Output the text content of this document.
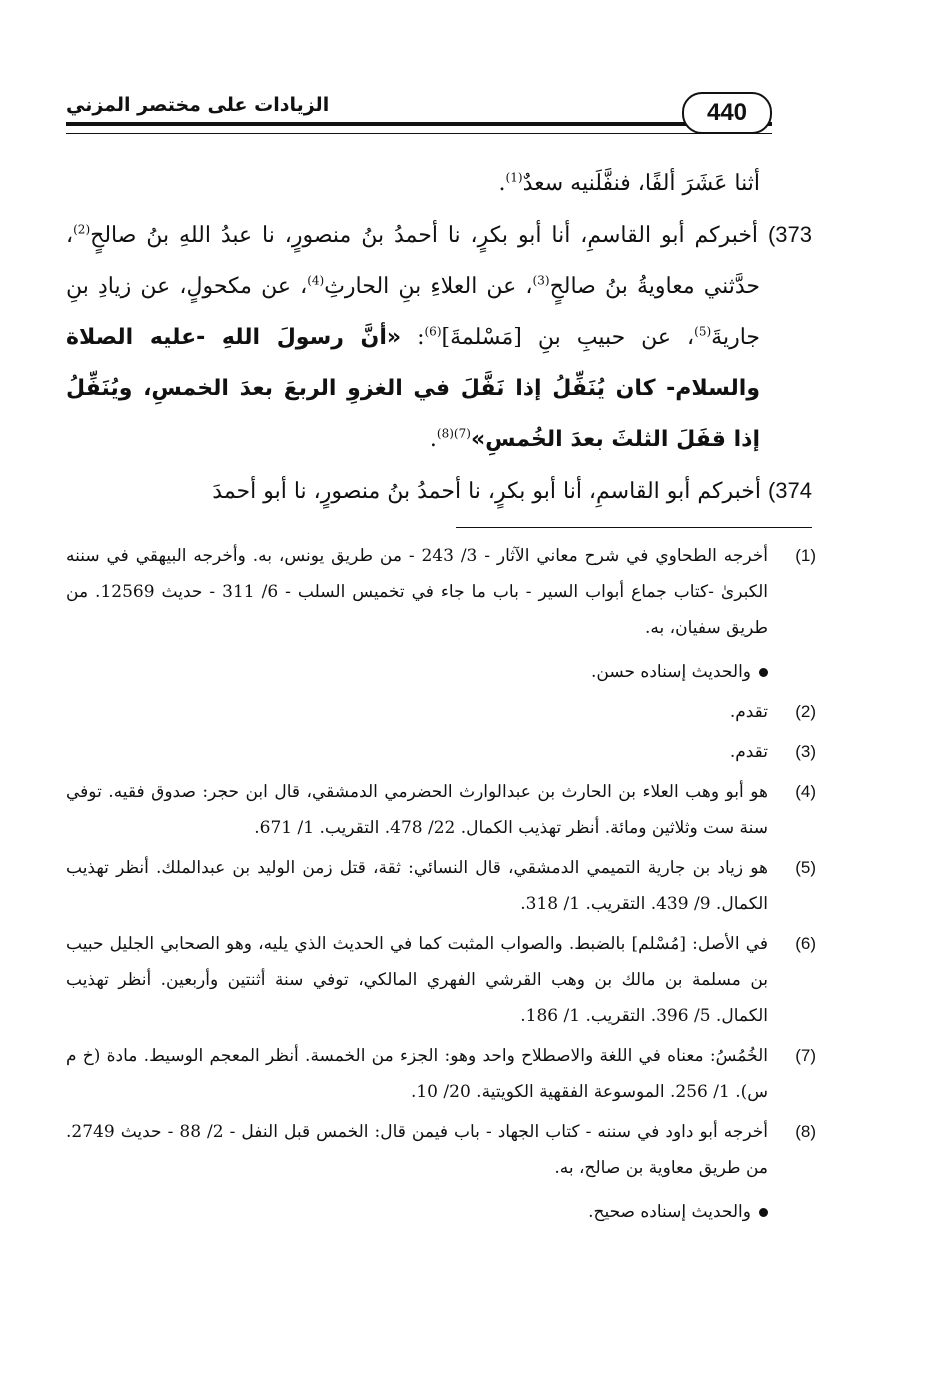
الزيادات على مختصر المزني	440

أثنا عَشَرَ ألفًا، فنفَّلَنيه سعدٌ$^{(1)}$.

373) أخبركم أبو القاسمِ، أنا أبو بكرٍ، نا أحمدُ بنُ منصورٍ، نا عبدُ اللهِ بنُ صالحٍ$^{(2)}$، حدَّثني معاويةُ بنُ صالحٍ$^{(3)}$، عن العلاءِ بنِ الحارثِ$^{(4)}$، عن مكحولٍ، عن زيادِ بنِ جاريةَ$^{(5)}$، عن حبيبِ بنِ [مَسْلمةَ]$^{(6)}$: «أنَّ رسولَ اللهِ -عليه الصلاة والسلام- كان يُنَفِّلُ إذا نَفَّلَ في الغزوِ الربعَ بعدَ الخمسِ، ويُنَفِّلُ إذا قفَلَ الثلثَ بعدَ الخُمسِ»$^{(7)(8)}$.

374) أخبركم أبو القاسمِ، أنا أبو بكرٍ، نا أحمدُ بنُ منصورٍ، نا أبو أحمدَ

(1)
أخرجه الطحاوي في شرح معاني الآثار - 3/ 243 - من طريق يونس، به. وأخرجه البيهقي في سننه الكبرىٰ -كتاب جماع أبواب السير - باب ما جاء في تخميس السلب - 6/ 311 - حديث 12569. من طريق سفيان، به.

والحديث إسناده حسن.

(2)
تقدم.

(3)
تقدم.

(4)
هو أبو وهب العلاء بن الحارث بن عبدالوارث الحضرمي الدمشقي، قال ابن حجر: صدوق فقيه. توفي سنة ست وثلاثين ومائة. أنظر تهذيب الكمال. 22/ 478. التقريب. 1/ 671.

(5)
هو زياد بن جارية التميمي الدمشقي، قال النسائي: ثقة، قتل زمن الوليد بن عبدالملك. أنظر تهذيب الكمال. 9/ 439. التقريب. 1/ 318.

(6)
في الأصل: [مُسْلم] بالضبط. والصواب المثبت كما في الحديث الذي يليه، وهو الصحابي الجليل حبيب بن مسلمة بن مالك بن وهب القرشي الفهري المالكي، توفي سنة أثنتين وأربعين. أنظر تهذيب الكمال. 5/ 396. التقريب. 1/ 186.

(7)
الخُمُسُ: معناه في اللغة والاصطلاح واحد وهو: الجزء من الخمسة. أنظر المعجم الوسيط. مادة (خ م س). 1/ 256. الموسوعة الفقهية الكويتية. 20/ 10.

(8)
أخرجه أبو داود في سننه - كتاب الجهاد - باب فيمن قال: الخمس قبل النفل - 2/ 88 - حديث 2749. من طريق معاوية بن صالح، به.

والحديث إسناده صحيح.
